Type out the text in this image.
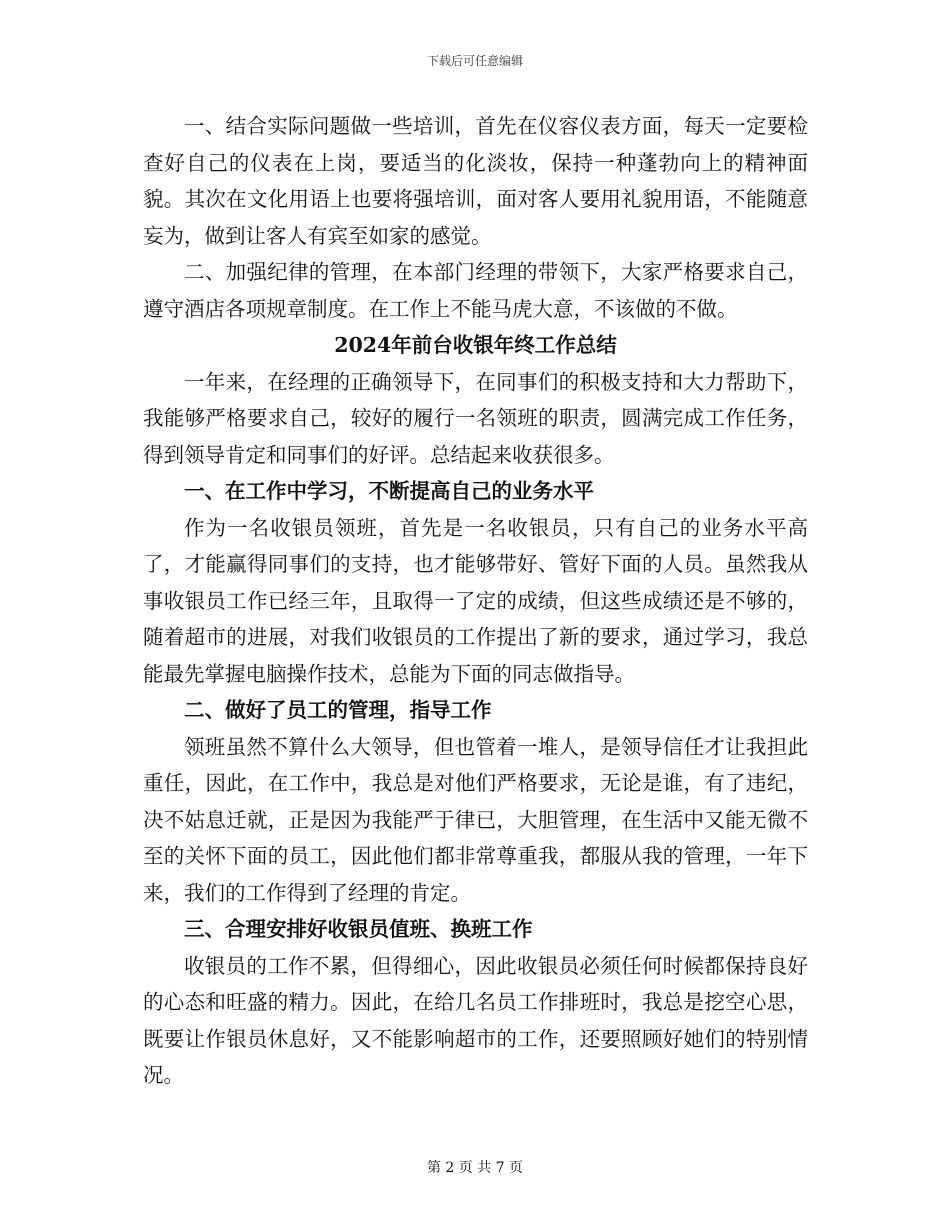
下载后可任意编辑

一、结合实际问题做一些培训，首先在仪容仪表方面，每天一定要检查好自己的仪表在上岗，要适当的化淡妆，保持一种蓬勃向上的精神面貌。其次在文化用语上也要将强培训，面对客人要用礼貌用语，不能随意妄为，做到让客人有宾至如家的感觉。

二、加强纪律的管理，在本部门经理的带领下，大家严格要求自己，遵守酒店各项规章制度。在工作上不能马虎大意，不该做的不做。

2024年前台收银年终工作总结

一年来，在经理的正确领导下，在同事们的积极支持和大力帮助下，我能够严格要求自己，较好的履行一名领班的职责，圆满完成工作任务，得到领导肯定和同事们的好评。总结起来收获很多。

一、在工作中学习，不断提高自己的业务水平

作为一名收银员领班，首先是一名收银员，只有自己的业务水平高了，才能赢得同事们的支持，也才能够带好、管好下面的人员。虽然我从事收银员工作已经三年，且取得一了定的成绩，但这些成绩还是不够的，随着超市的进展，对我们收银员的工作提出了新的要求，通过学习，我总能最先掌握电脑操作技术，总能为下面的同志做指导。

二、做好了员工的管理，指导工作

领班虽然不算什么大领导，但也管着一堆人，是领导信任才让我担此重任，因此，在工作中，我总是对他们严格要求，无论是谁，有了违纪，决不姑息迁就，正是因为我能严于律已，大胆管理，在生活中又能无微不至的关怀下面的员工，因此他们都非常尊重我，都服从我的管理，一年下来，我们的工作得到了经理的肯定。

三、合理安排好收银员值班、换班工作

收银员的工作不累，但得细心，因此收银员必须任何时候都保持良好的心态和旺盛的精力。因此，在给几名员工作排班时，我总是挖空心思，既要让作银员休息好，又不能影响超市的工作，还要照顾好她们的特别情况。

第 2 页 共 7 页
